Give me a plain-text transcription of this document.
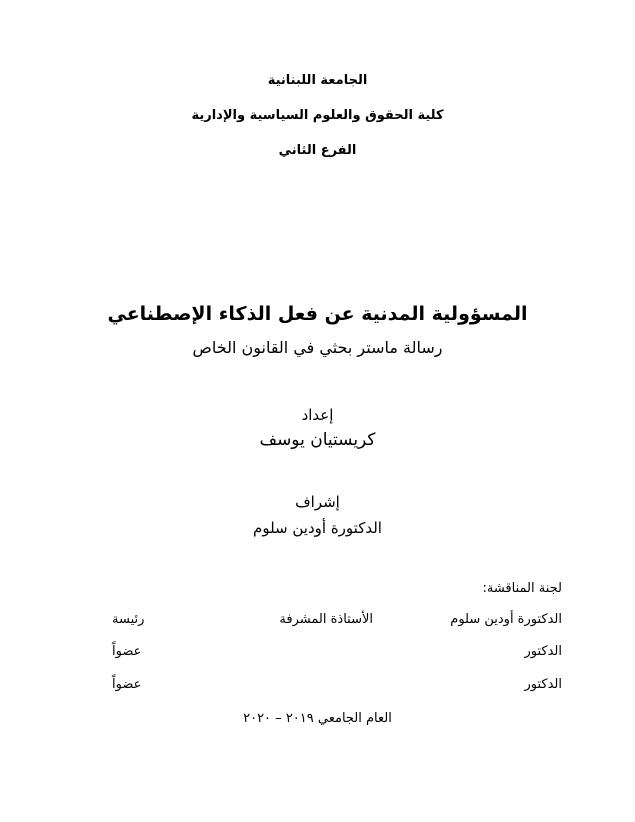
الجامعة اللبنانية
كلية الحقوق والعلوم السياسية والإدارية
الفرع الثاني
المسؤولية المدنية عن فعل الذكاء الإصطناعي
رسالة ماستر بحثي في القانون الخاص
إعداد
كريستيان يوسف
إشراف
الدكتورة أودين سلوم
لجنة المناقشة:
الدكتورة أودين سلوم
الأستاذة المشرفة
رئيسة
الدكتور
عضواً
الدكتور
عضواً
العام الجامعي ٢٠١٩ – ٢٠٢٠
